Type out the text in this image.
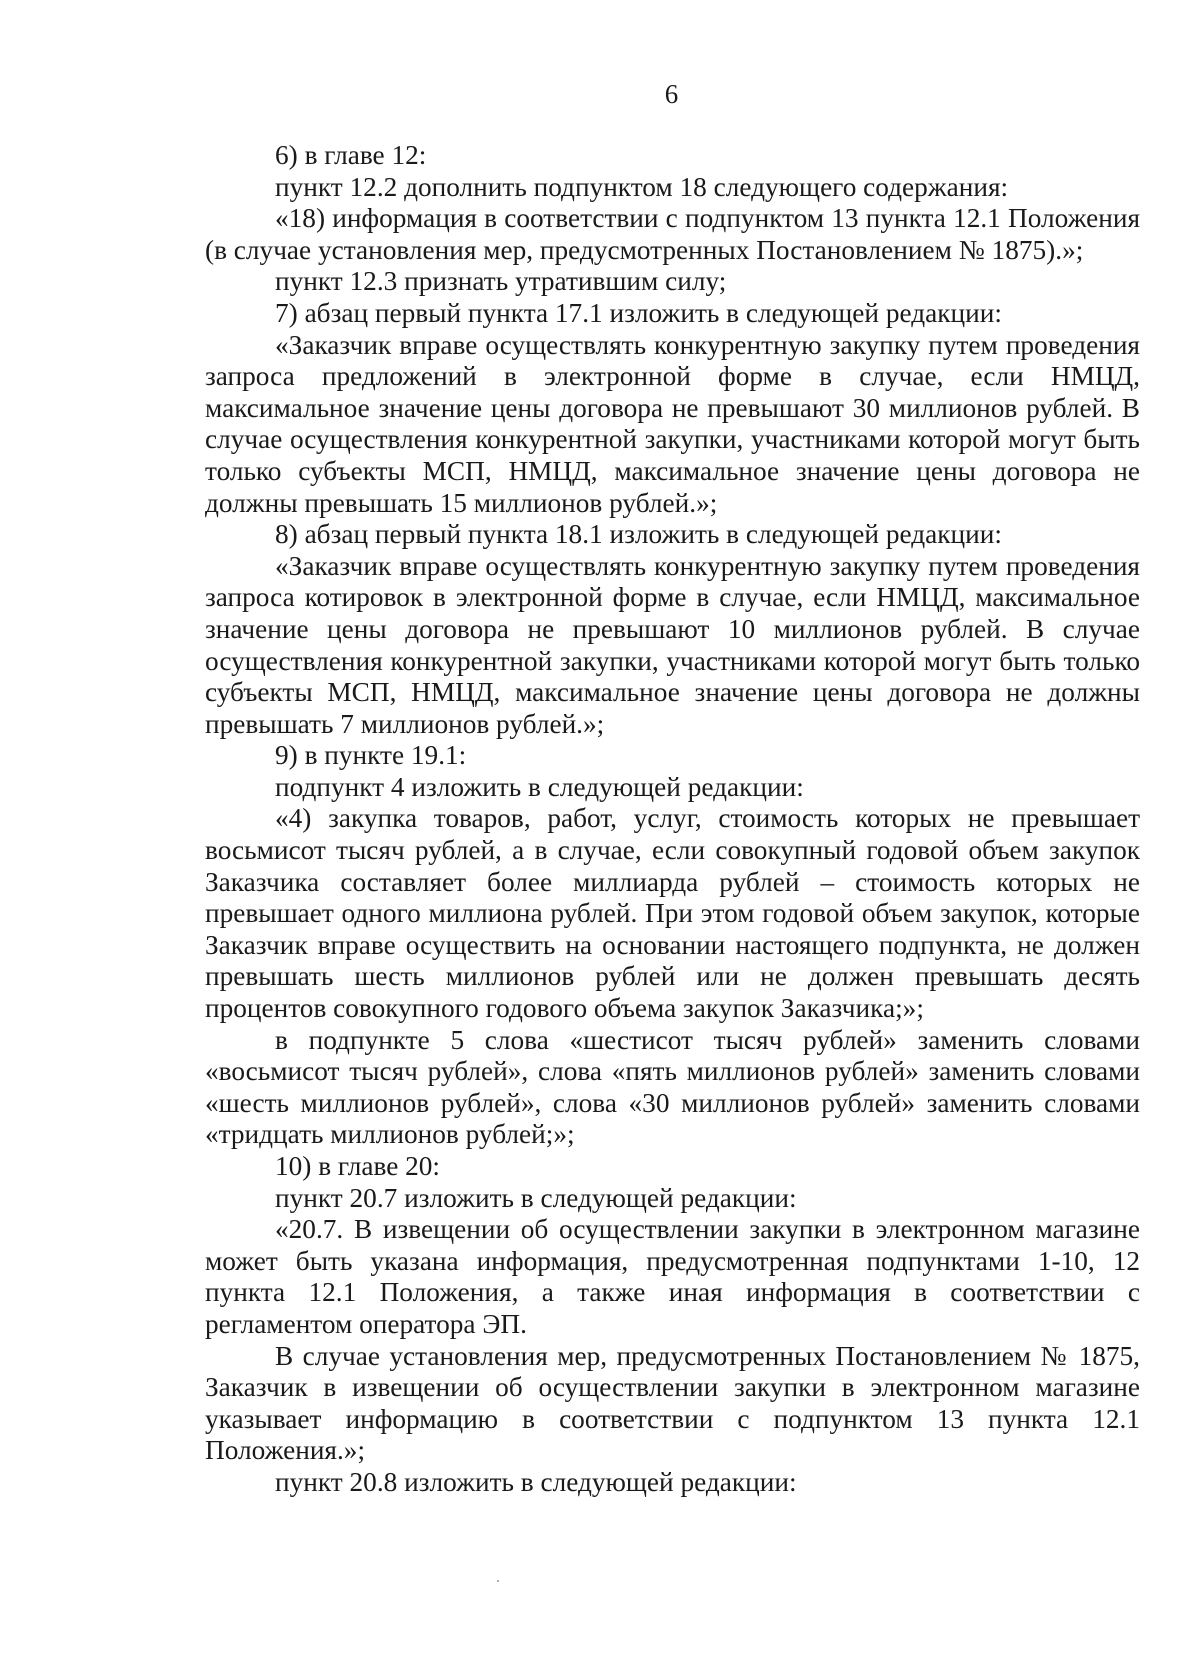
6

6) в главе 12:

пункт 12.2 дополнить подпунктом 18 следующего содержания:

«18) информация в соответствии с подпунктом 13 пункта 12.1 Положения (в случае установления мер, предусмотренных Постановлением № 1875).»;

пункт 12.3 признать утратившим силу;

7) абзац первый пункта 17.1 изложить в следующей редакции:

«Заказчик вправе осуществлять конкурентную закупку путем проведения запроса предложений в электронной форме в случае, если НМЦД, максимальное значение цены договора не превышают 30 миллионов рублей. В случае осуществления конкурентной закупки, участниками которой могут быть только субъекты МСП, НМЦД, максимальное значение цены договора не должны превышать 15 миллионов рублей.»;

8) абзац первый пункта 18.1 изложить в следующей редакции:

«Заказчик вправе осуществлять конкурентную закупку путем проведения запроса котировок в электронной форме в случае, если НМЦД, максимальное значение цены договора не превышают 10 миллионов рублей. В случае осуществления конкурентной закупки, участниками которой могут быть только субъекты МСП, НМЦД, максимальное значение цены договора не должны превышать 7 миллионов рублей.»;

9) в пункте 19.1:

подпункт 4 изложить в следующей редакции:

«4) закупка товаров, работ, услуг, стоимость которых не превышает восьмисот тысяч рублей, а в случае, если совокупный годовой объем закупок Заказчика составляет более миллиарда рублей – стоимость которых не превышает одного миллиона рублей. При этом годовой объем закупок, которые Заказчик вправе осуществить на основании настоящего подпункта, не должен превышать шесть миллионов рублей или не должен превышать десять процентов совокупного годового объема закупок Заказчика;»;

в подпункте 5 слова «шестисот тысяч рублей» заменить словами «восьмисот тысяч рублей», слова «пять миллионов рублей» заменить словами «шесть миллионов рублей», слова «30 миллионов рублей» заменить словами «тридцать миллионов рублей;»;

10) в главе 20:

пункт 20.7 изложить в следующей редакции:

«20.7. В извещении об осуществлении закупки в электронном магазине может быть указана информация, предусмотренная подпунктами 1-10, 12 пункта 12.1 Положения, а также иная информация в соответствии с регламентом оператора ЭП.

В случае установления мер, предусмотренных Постановлением № 1875, Заказчик в извещении об осуществлении закупки в электронном магазине указывает информацию в соответствии с подпунктом 13 пункта 12.1 Положения.»;

пункт 20.8 изложить в следующей редакции:
